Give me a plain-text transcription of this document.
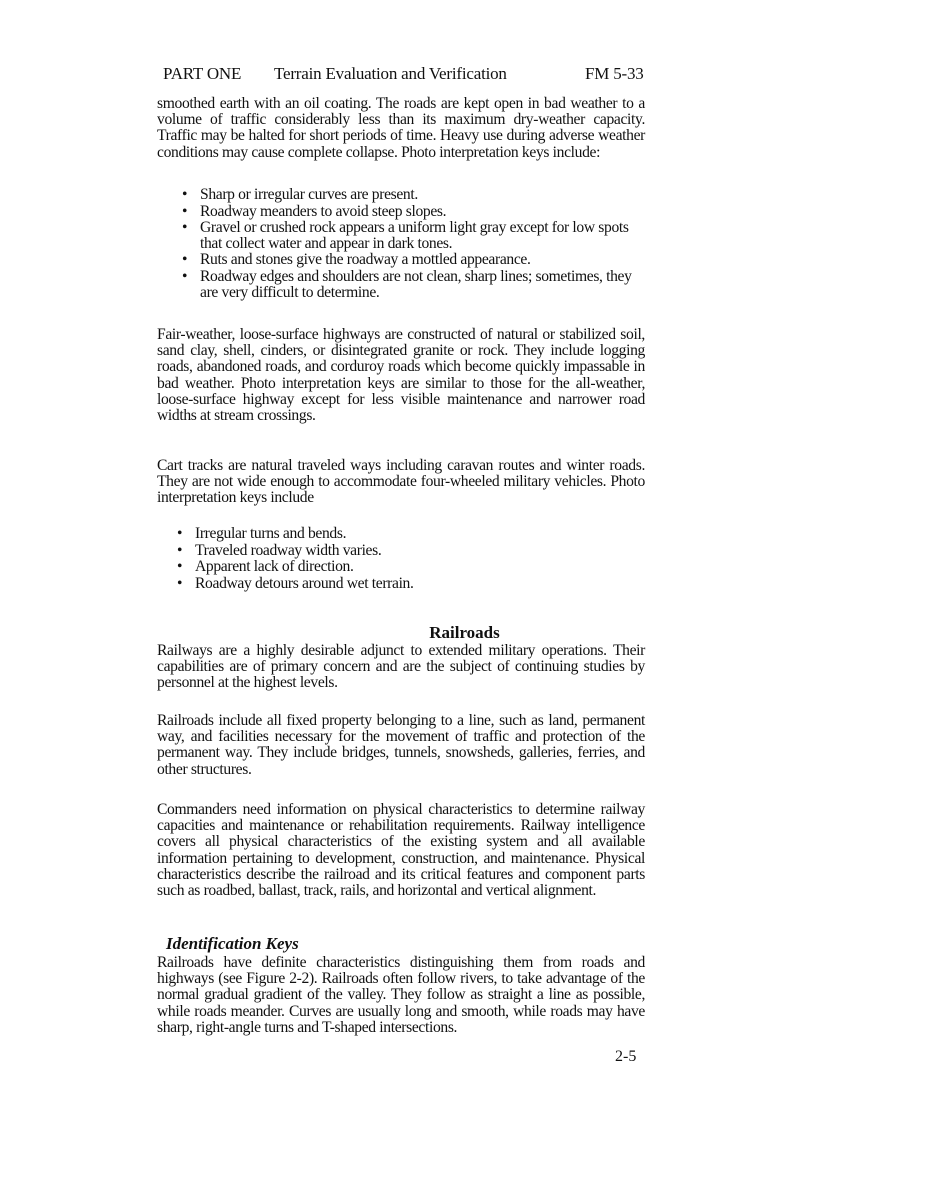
PART ONE Terrain Evaluation and Verification	FM 5-33

smoothed earth with an oil coating. The roads are kept open in bad weather to a volume of traffic considerably less than its maximum dry-weather capacity. Traffic may be halted for short periods of time. Heavy use during adverse weather conditions may cause complete collapse. Photo interpretation keys include:

• Sharp or irregular curves are present.
• Roadway meanders to avoid steep slopes.
• Gravel or crushed rock appears a uniform light gray except for low spots that collect water and appear in dark tones.
• Ruts and stones give the roadway a mottled appearance.
• Roadway edges and shoulders are not clean, sharp lines; sometimes, they are very difficult to determine.

Fair-weather, loose-surface highways are constructed of natural or stabilized soil, sand clay, shell, cinders, or disintegrated granite or rock. They include logging roads, abandoned roads, and corduroy roads which become quickly impassable in bad weather. Photo interpretation keys are similar to those for the all-weather, loose-surface highway except for less visible maintenance and narrower road widths at stream crossings.

Cart tracks are natural traveled ways including caravan routes and winter roads. They are not wide enough to accommodate four-wheeled military vehicles. Photo interpretation keys include

• Irregular turns and bends.
• Traveled roadway width varies.
• Apparent lack of direction.
• Roadway detours around wet terrain.
Railroads

Railways are a highly desirable adjunct to extended military operations. Their capabilities are of primary concern and are the subject of continuing studies by personnel at the highest levels.

Railroads include all fixed property belonging to a line, such as land, permanent way, and facilities necessary for the movement of traffic and protection of the permanent way. They include bridges, tunnels, snowsheds, galleries, ferries, and other structures.

Commanders need information on physical characteristics to determine railway capacities and maintenance or rehabilitation requirements. Railway intelligence covers all physical characteristics of the existing system and all available information pertaining to development, construction, and maintenance. Physical characteristics describe the railroad and its critical features and component parts such as roadbed, ballast, track, rails, and horizontal and vertical alignment.

Identification Keys

Railroads have definite characteristics distinguishing them from roads and highways (see Figure 2-2). Railroads often follow rivers, to take advantage of the normal gradual gradient of the valley. They follow as straight a line as possible, while roads meander. Curves are usually long and smooth, while roads may have sharp, right-angle turns and T-shaped intersections.

2-5
